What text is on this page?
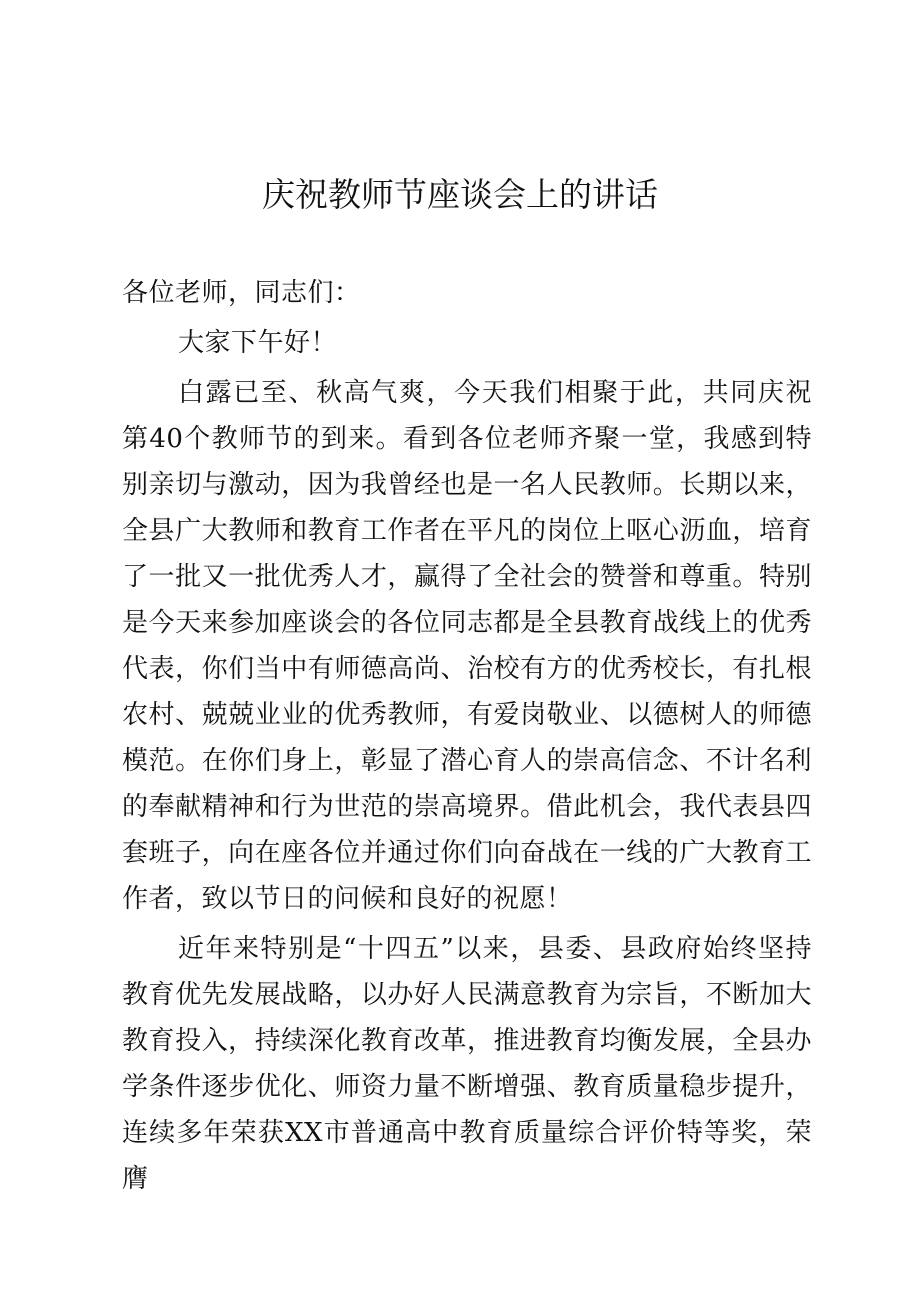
庆祝教师节座谈会上的讲话

各位老师，同志们：

大家下午好！

白露已至、秋高气爽，今天我们相聚于此，共同庆祝第40个教师节的到来。看到各位老师齐聚一堂，我感到特别亲切与激动，因为我曾经也是一名人民教师。长期以来，全县广大教师和教育工作者在平凡的岗位上呕心沥血，培育了一批又一批优秀人才，赢得了全社会的赞誉和尊重。特别是今天来参加座谈会的各位同志都是全县教育战线上的优秀代表，你们当中有师德高尚、治校有方的优秀校长，有扎根农村、兢兢业业的优秀教师，有爱岗敬业、以德树人的师德模范。在你们身上，彰显了潜心育人的崇高信念、不计名利的奉献精神和行为世范的崇高境界。借此机会，我代表县四套班子，向在座各位并通过你们向奋战在一线的广大教育工作者，致以节日的问候和良好的祝愿！

近年来特别是“十四五”以来，县委、县政府始终坚持教育优先发展战略，以办好人民满意教育为宗旨，不断加大教育投入，持续深化教育改革，推进教育均衡发展，全县办学条件逐步优化、师资力量不断增强、教育质量稳步提升，连续多年荣获XX市普通高中教育质量综合评价特等奖，荣膺
